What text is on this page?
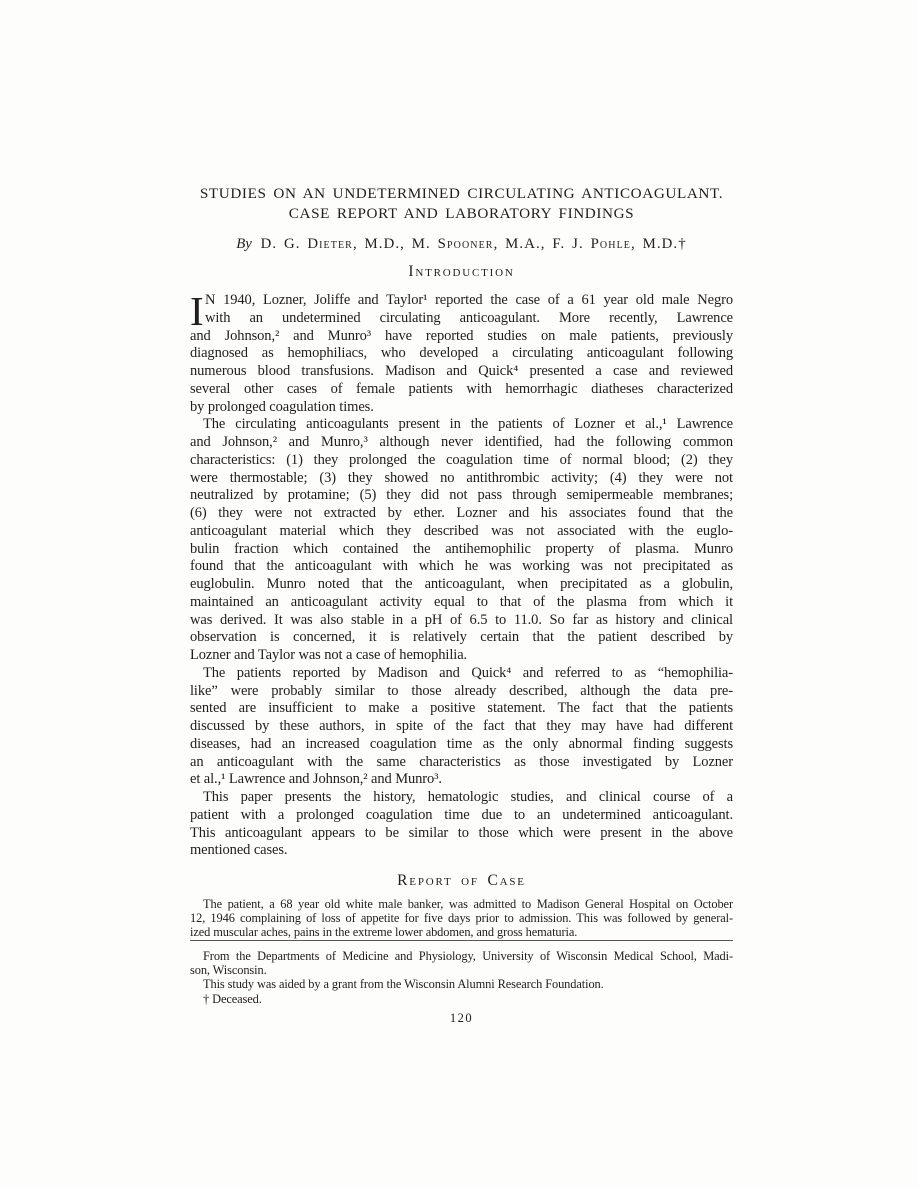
STUDIES ON AN UNDETERMINED CIRCULATING ANTICOAGULANT.
CASE REPORT AND LABORATORY FINDINGS
By D. G. Dieter, M.D., M. Spooner, M.A., F. J. Pohle, M.D.†
Introduction
I N 1940, Lozner, Joliffe and Taylor¹ reported the case of a 61 year old male Negro
with an undetermined circulating anticoagulant. More recently, Lawrence
and Johnson,² and Munro³ have reported studies on male patients, previously
diagnosed as hemophiliacs, who developed a circulating anticoagulant following
numerous blood transfusions. Madison and Quick⁴ presented a case and reviewed
several other cases of female patients with hemorrhagic diatheses characterized
by prolonged coagulation times.
The circulating anticoagulants present in the patients of Lozner et al.,¹ Lawrence
and Johnson,² and Munro,³ although never identified, had the following common
characteristics: (1) they prolonged the coagulation time of normal blood; (2) they
were thermostable; (3) they showed no antithrombic activity; (4) they were not
neutralized by protamine; (5) they did not pass through semipermeable membranes;
(6) they were not extracted by ether. Lozner and his associates found that the
anticoagulant material which they described was not associated with the euglo-
bulin fraction which contained the antihemophilic property of plasma. Munro
found that the anticoagulant with which he was working was not precipitated as
euglobulin. Munro noted that the anticoagulant, when precipitated as a globulin,
maintained an anticoagulant activity equal to that of the plasma from which it
was derived. It was also stable in a pH of 6.5 to 11.0. So far as history and clinical
observation is concerned, it is relatively certain that the patient described by
Lozner and Taylor was not a case of hemophilia.
The patients reported by Madison and Quick⁴ and referred to as “hemophilia-
like” were probably similar to those already described, although the data pre-
sented are insufficient to make a positive statement. The fact that the patients
discussed by these authors, in spite of the fact that they may have had different
diseases, had an increased coagulation time as the only abnormal finding suggests
an anticoagulant with the same characteristics as those investigated by Lozner
et al.,¹ Lawrence and Johnson,² and Munro³.
This paper presents the history, hematologic studies, and clinical course of a
patient with a prolonged coagulation time due to an undetermined anticoagulant.
This anticoagulant appears to be similar to those which were present in the above
mentioned cases.
Report of Case
The patient, a 68 year old white male banker, was admitted to Madison General Hospital on October
12, 1946 complaining of loss of appetite for five days prior to admission. This was followed by general-
ized muscular aches, pains in the extreme lower abdomen, and gross hematuria.
From the Departments of Medicine and Physiology, University of Wisconsin Medical School, Madi-
son, Wisconsin.
This study was aided by a grant from the Wisconsin Alumni Research Foundation.
† Deceased.
120
